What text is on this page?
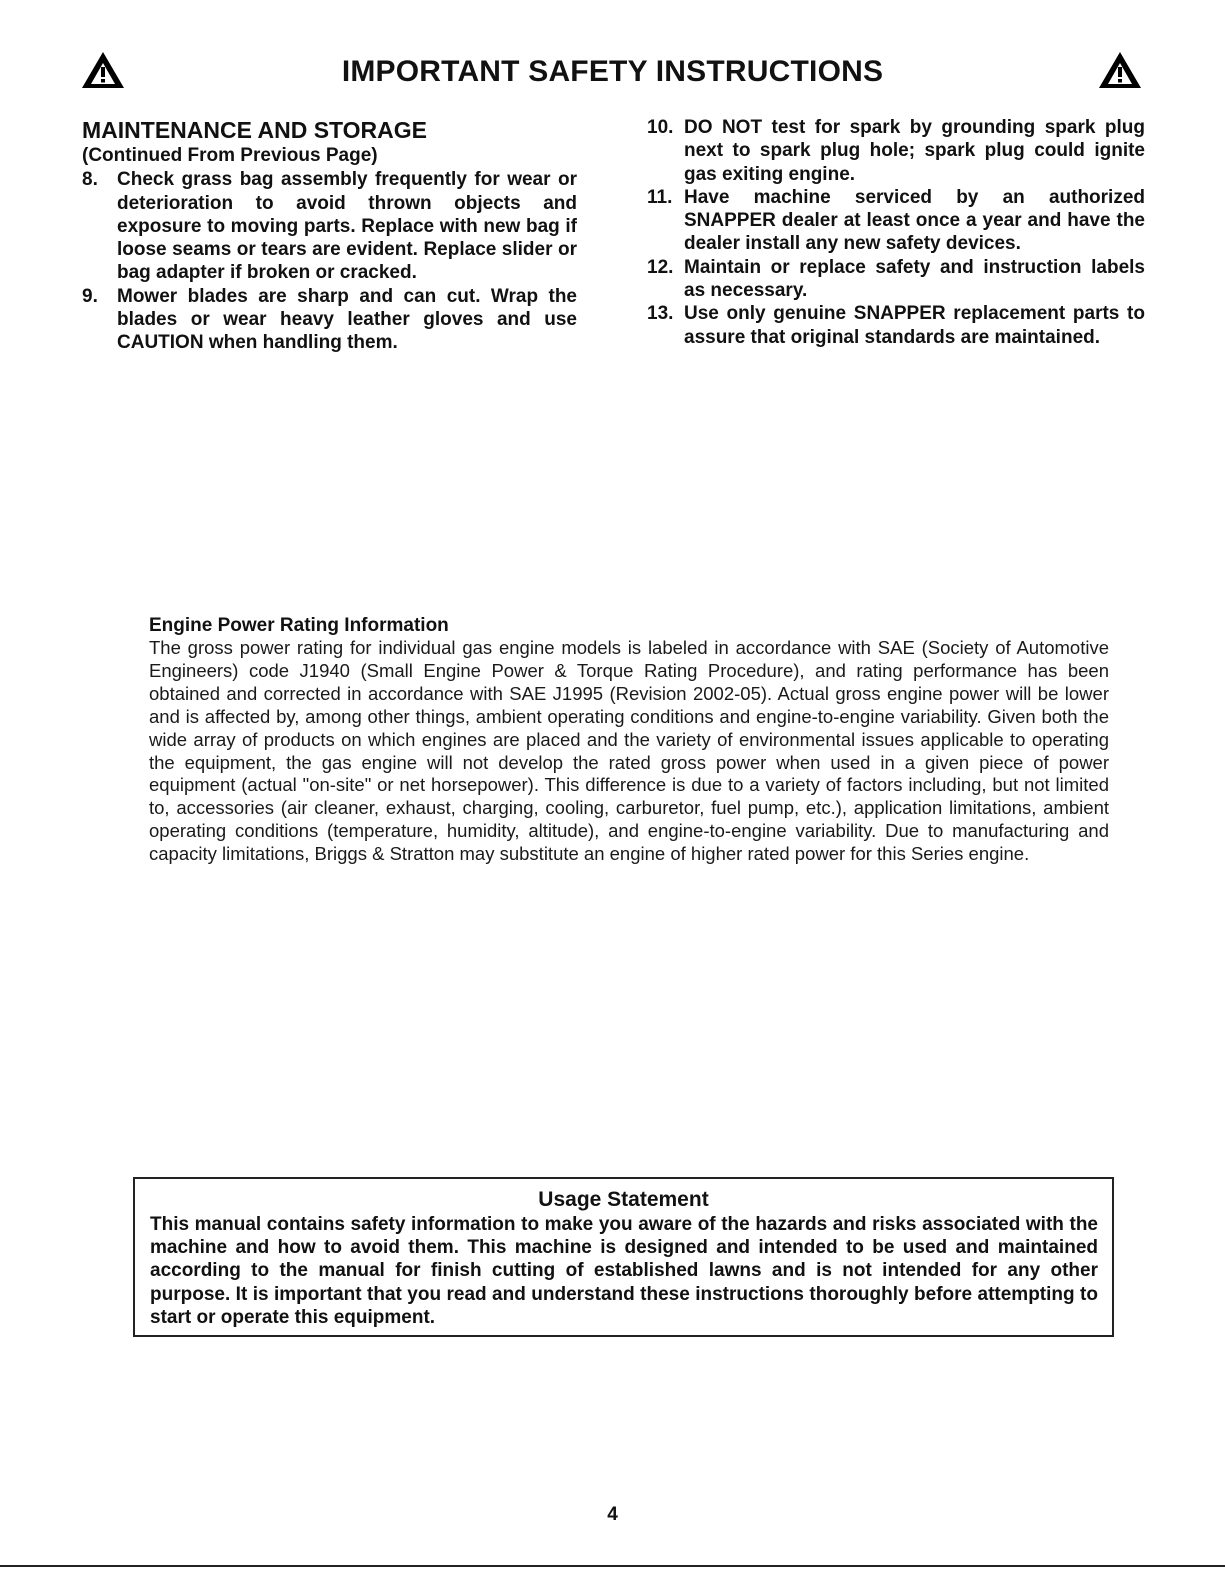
IMPORTANT SAFETY INSTRUCTIONS
MAINTENANCE AND STORAGE
(Continued From Previous Page)
8.	Check grass bag assembly frequently for wear or deterioration to avoid thrown objects and exposure to moving parts. Replace with new bag if loose seams or tears are evident. Replace slider or bag adapter if broken or cracked.
9.	Mower blades are sharp and can cut. Wrap the blades or wear heavy leather gloves and use CAUTION when handling them.
10. DO NOT test for spark by grounding spark plug next to spark plug hole; spark plug could ignite gas exiting engine.
11. Have machine serviced by an authorized SNAPPER dealer at least once a year and have the dealer install any new safety devices.
12. Maintain or replace safety and instruction labels as necessary.
13. Use only genuine SNAPPER replacement parts to assure that original standards are maintained.
Engine Power Rating Information

The gross power rating for individual gas engine models is labeled in accordance with SAE (Society of Automotive Engineers) code J1940 (Small Engine Power & Torque Rating Procedure), and rating performance has been obtained and corrected in accordance with SAE J1995 (Revision 2002-05). Actual gross engine power will be lower and is affected by, among other things, ambient operating conditions and engine-to-engine variability. Given both the wide array of products on which engines are placed and the variety of environmental issues applicable to operating the equipment, the gas engine will not develop the rated gross power when used in a given piece of power equipment (actual "on-site" or net horsepower). This difference is due to a variety of factors including, but not limited to, accessories (air cleaner, exhaust, charging, cooling, carburetor, fuel pump, etc.), application limitations, ambient operating conditions (temperature, humidity, altitude), and engine-to-engine variability. Due to manufacturing and capacity limitations, Briggs & Stratton may substitute an engine of higher rated power for this Series engine.

Usage Statement

This manual contains safety information to make you aware of the hazards and risks associated with the machine and how to avoid them. This machine is designed and intended to be used and maintained according to the manual for finish cutting of established lawns and is not intended for any other purpose. It is important that you read and understand these instructions thoroughly before attempting to start or operate this equipment.

4
